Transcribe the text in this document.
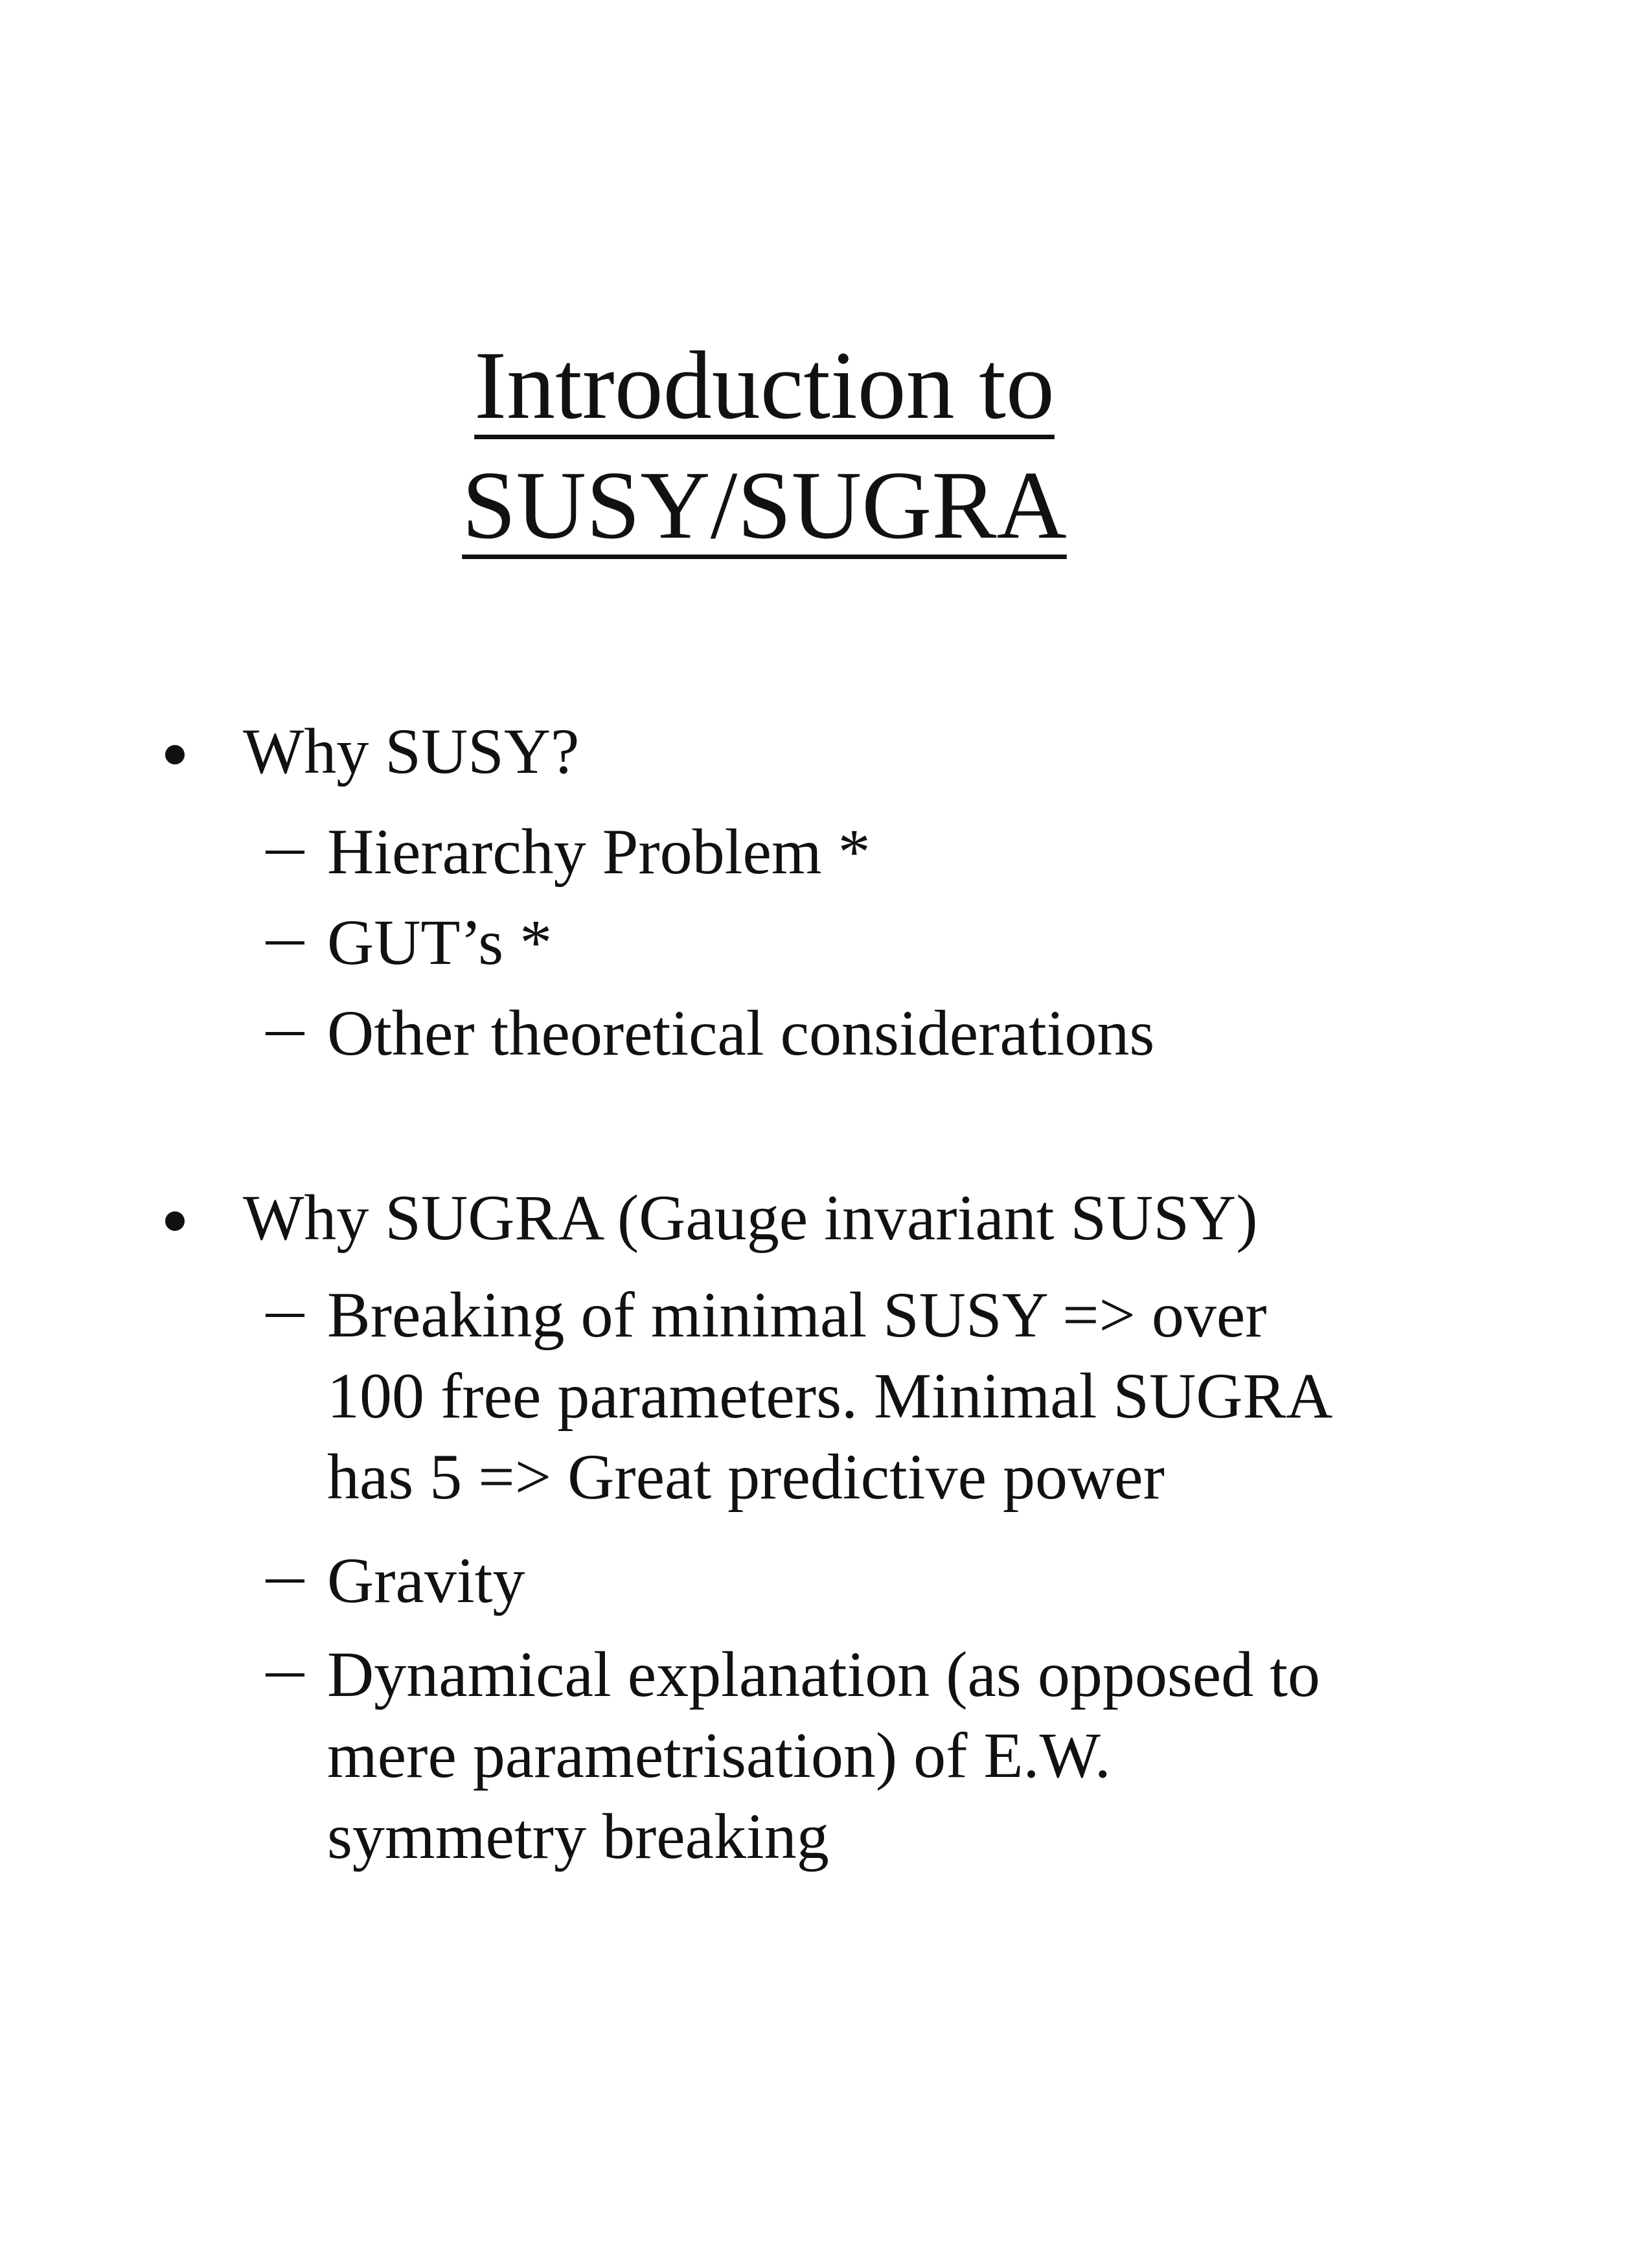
Introduction to
SUSY/SUGRA
Why SUSY?
Hierarchy Problem *
GUT’s *
Other theoretical considerations
Why SUGRA (Gauge invariant SUSY)
Breaking of minimal SUSY => over
100 free parameters. Minimal SUGRA
has 5 => Great predictive power
Gravity
Dynamical explanation (as opposed to
mere parametrisation) of E.W.
symmetry breaking
